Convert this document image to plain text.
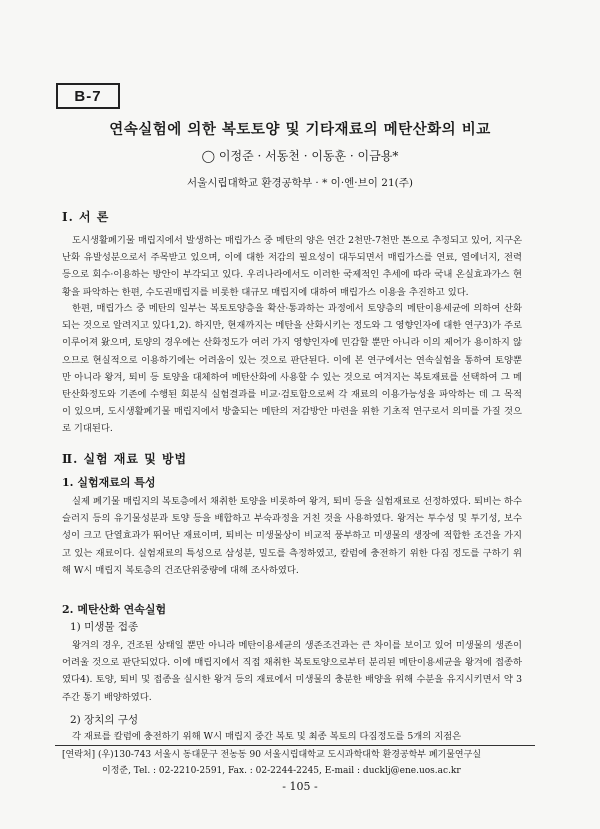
B-7
연속실험에 의한 복토토양 및 기타재료의 메탄산화의 비교
◯ 이정준 · 서동천 · 이동훈 · 이금용*
서울시립대학교 환경공학부 · * 이·엔·브이 21(주)
Ⅰ. 서 론

도시생활폐기물 매립지에서 발생하는 매립가스 중 메탄의 양은 연간 2천만-7천만 톤으로 추정되고 있어, 지구온난화 유발성분으로서 주목받고 있으며, 이에 대한 저감의 필요성이 대두되면서 매립가스를 연료, 열에너지, 전력 등으로 회수·이용하는 방안이 부각되고 있다. 우리나라에서도 이러한 국제적인 추세에 따라 국내 온실효과가스 현황을 파악하는 한편, 수도권매립지를 비롯한 대규모 매립지에 대하여 매립가스 이용을 추진하고 있다.

한편, 매립가스 중 메탄의 일부는 복토토양층을 확산·통과하는 과정에서 토양층의 메탄이용세균에 의하여 산화되는 것으로 알려지고 있다1,2). 하지만, 현재까지는 메탄을 산화시키는 정도와 그 영향인자에 대한 연구3)가 주로 이루어져 왔으며, 토양의 경우에는 산화정도가 여러 가지 영향인자에 민감할 뿐만 아니라 이의 제어가 용이하지 않으므로 현실적으로 이용하기에는 어려움이 있는 것으로 판단된다. 이에 본 연구에서는 연속실험을 통하여 토양뿐만 아니라 왕겨, 퇴비 등 토양을 대체하여 메탄산화에 사용할 수 있는 것으로 여겨지는 복토재료를 선택하여 그 메탄산화정도와 기존에 수행된 회분식 실험결과를 비교·검토함으로써 각 재료의 이용가능성을 파악하는 데 그 목적이 있으며, 도시생활폐기물 매립지에서 방출되는 메탄의 저감방안 마련을 위한 기초적 연구로서 의미를 가질 것으로 기대된다.

Ⅱ. 실험 재료 및 방법
1. 실험재료의 특성

실제 폐기물 매립지의 복토층에서 채취한 토양을 비롯하여 왕겨, 퇴비 등을 실험재료로 선정하였다. 퇴비는 하수슬러지 등의 유기물성분과 토양 등을 배합하고 부숙과정을 거친 것을 사용하였다. 왕겨는 투수성 및 투기성, 보수성이 크고 단열효과가 뛰어난 재료이며, 퇴비는 미생물상이 비교적 풍부하고 미생물의 생장에 적합한 조건을 가지고 있는 재료이다. 실험재료의 특성으로 삼성분, 밀도를 측정하였고, 칼럼에 충전하기 위한 다짐 정도를 구하기 위해 W시 매립지 복토층의 건조단위중량에 대해 조사하였다.

2. 메탄산화 연속실험
1) 미생물 접종

왕겨의 경우, 건조된 상태일 뿐만 아니라 메탄이용세균의 생존조건과는 큰 차이를 보이고 있어 미생물의 생존이 어려울 것으로 판단되었다. 이에 매립지에서 직접 채취한 복토토양으로부터 분리된 메탄이용세균을 왕겨에 접종하였다4). 토양, 퇴비 및 접종을 실시한 왕겨 등의 재료에서 미생물의 충분한 배양을 위해 수분을 유지시키면서 약 3주간 통기 배양하였다.

2) 장치의 구성

각 재료를 칼럼에 충전하기 위해 W시 매립지 중간 복토 및 최종 복토의 다짐정도를 5개의 지점은

[연락처] (우)130-743 서울시 동대문구 전농동 90 서울시립대학교 도시과학대학 환경공학부 폐기물연구실
이정준, Tel. : 02-2210-2591, Fax. : 02-2244-2245, E-mail : ducklj@ene.uos.ac.kr
- 105 -
